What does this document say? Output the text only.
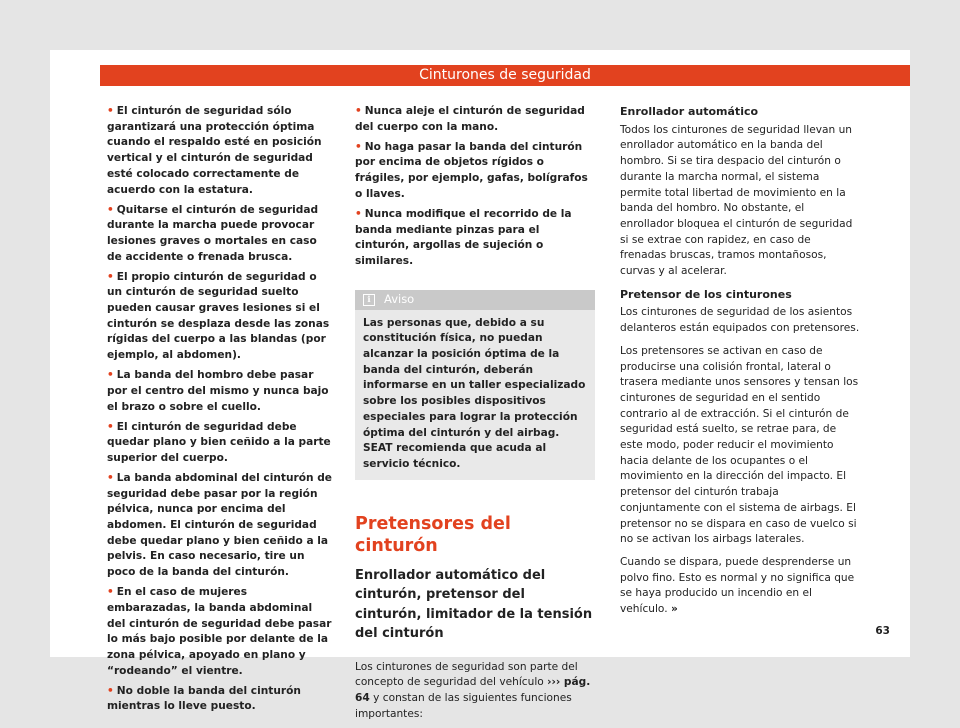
Cinturones de seguridad

• El cinturón de seguridad sólo garantizará una protección óptima cuando el respaldo esté en posición vertical y el cinturón de seguridad esté colocado correctamente de acuerdo con la estatura.

• Quitarse el cinturón de seguridad durante la marcha puede provocar lesiones graves o mortales en caso de accidente o frenada brusca.

• El propio cinturón de seguridad o un cinturón de seguridad suelto pueden causar graves lesiones si el cinturón se desplaza desde las zonas rígidas del cuerpo a las blandas (por ejemplo, al abdomen).

• La banda del hombro debe pasar por el centro del mismo y nunca bajo el brazo o sobre el cuello.

• El cinturón de seguridad debe quedar plano y bien ceñido a la parte superior del cuerpo.

• La banda abdominal del cinturón de seguridad debe pasar por la región pélvica, nunca por encima del abdomen. El cinturón de seguridad debe quedar plano y bien ceñido a la pelvis. En caso necesario, tire un poco de la banda del cinturón.

• En el caso de mujeres embarazadas, la banda abdominal del cinturón de seguridad debe pasar lo más bajo posible por delante de la zona pélvica, apoyado en plano y “rodeando” el vientre.

• No doble la banda del cinturón mientras lo lleve puesto.

• Nunca aleje el cinturón de seguridad del cuerpo con la mano.

• No haga pasar la banda del cinturón por encima de objetos rígidos o frágiles, por ejemplo, gafas, bolígrafos o llaves.

• Nunca modifique el recorrido de la banda mediante pinzas para el cinturón, argollas de sujeción o similares.

i	Aviso
Las personas que, debido a su constitución física, no puedan alcanzar la posición óptima de la banda del cinturón, deberán informarse en un taller especializado sobre los posibles dispositivos especiales para lograr la protección óptima del cinturón y del airbag. SEAT recomienda que acuda al servicio técnico.
Pretensores del cinturón
Enrollador automático del cinturón, pretensor del cinturón, limitador de la tensión del cinturón

Los cinturones de seguridad son parte del concepto de seguridad del vehículo ››› pág. 64 y constan de las siguientes funciones importantes:

Enrollador automático

Todos los cinturones de seguridad llevan un enrollador automático en la banda del hombro. Si se tira despacio del cinturón o durante la marcha normal, el sistema permite total libertad de movimiento en la banda del hombro. No obstante, el enrollador bloquea el cinturón de seguridad si se extrae con rapidez, en caso de frenadas bruscas, tramos montañosos, curvas y al acelerar.

Pretensor de los cinturones

Los cinturones de seguridad de los asientos delanteros están equipados con pretensores.

Los pretensores se activan en caso de producirse una colisión frontal, lateral o trasera mediante unos sensores y tensan los cinturones de seguridad en el sentido contrario al de extracción. Si el cinturón de seguridad está suelto, se retrae para, de este modo, poder reducir el movimiento hacia delante de los ocupantes o el movimiento en la dirección del impacto. El pretensor del cinturón trabaja conjuntamente con el sistema de airbags. El pretensor no se dispara en caso de vuelco si no se activan los airbags laterales.

Cuando se dispara, puede desprenderse un polvo fino. Esto es normal y no significa que se haya producido un incendio en el vehículo. »

63
